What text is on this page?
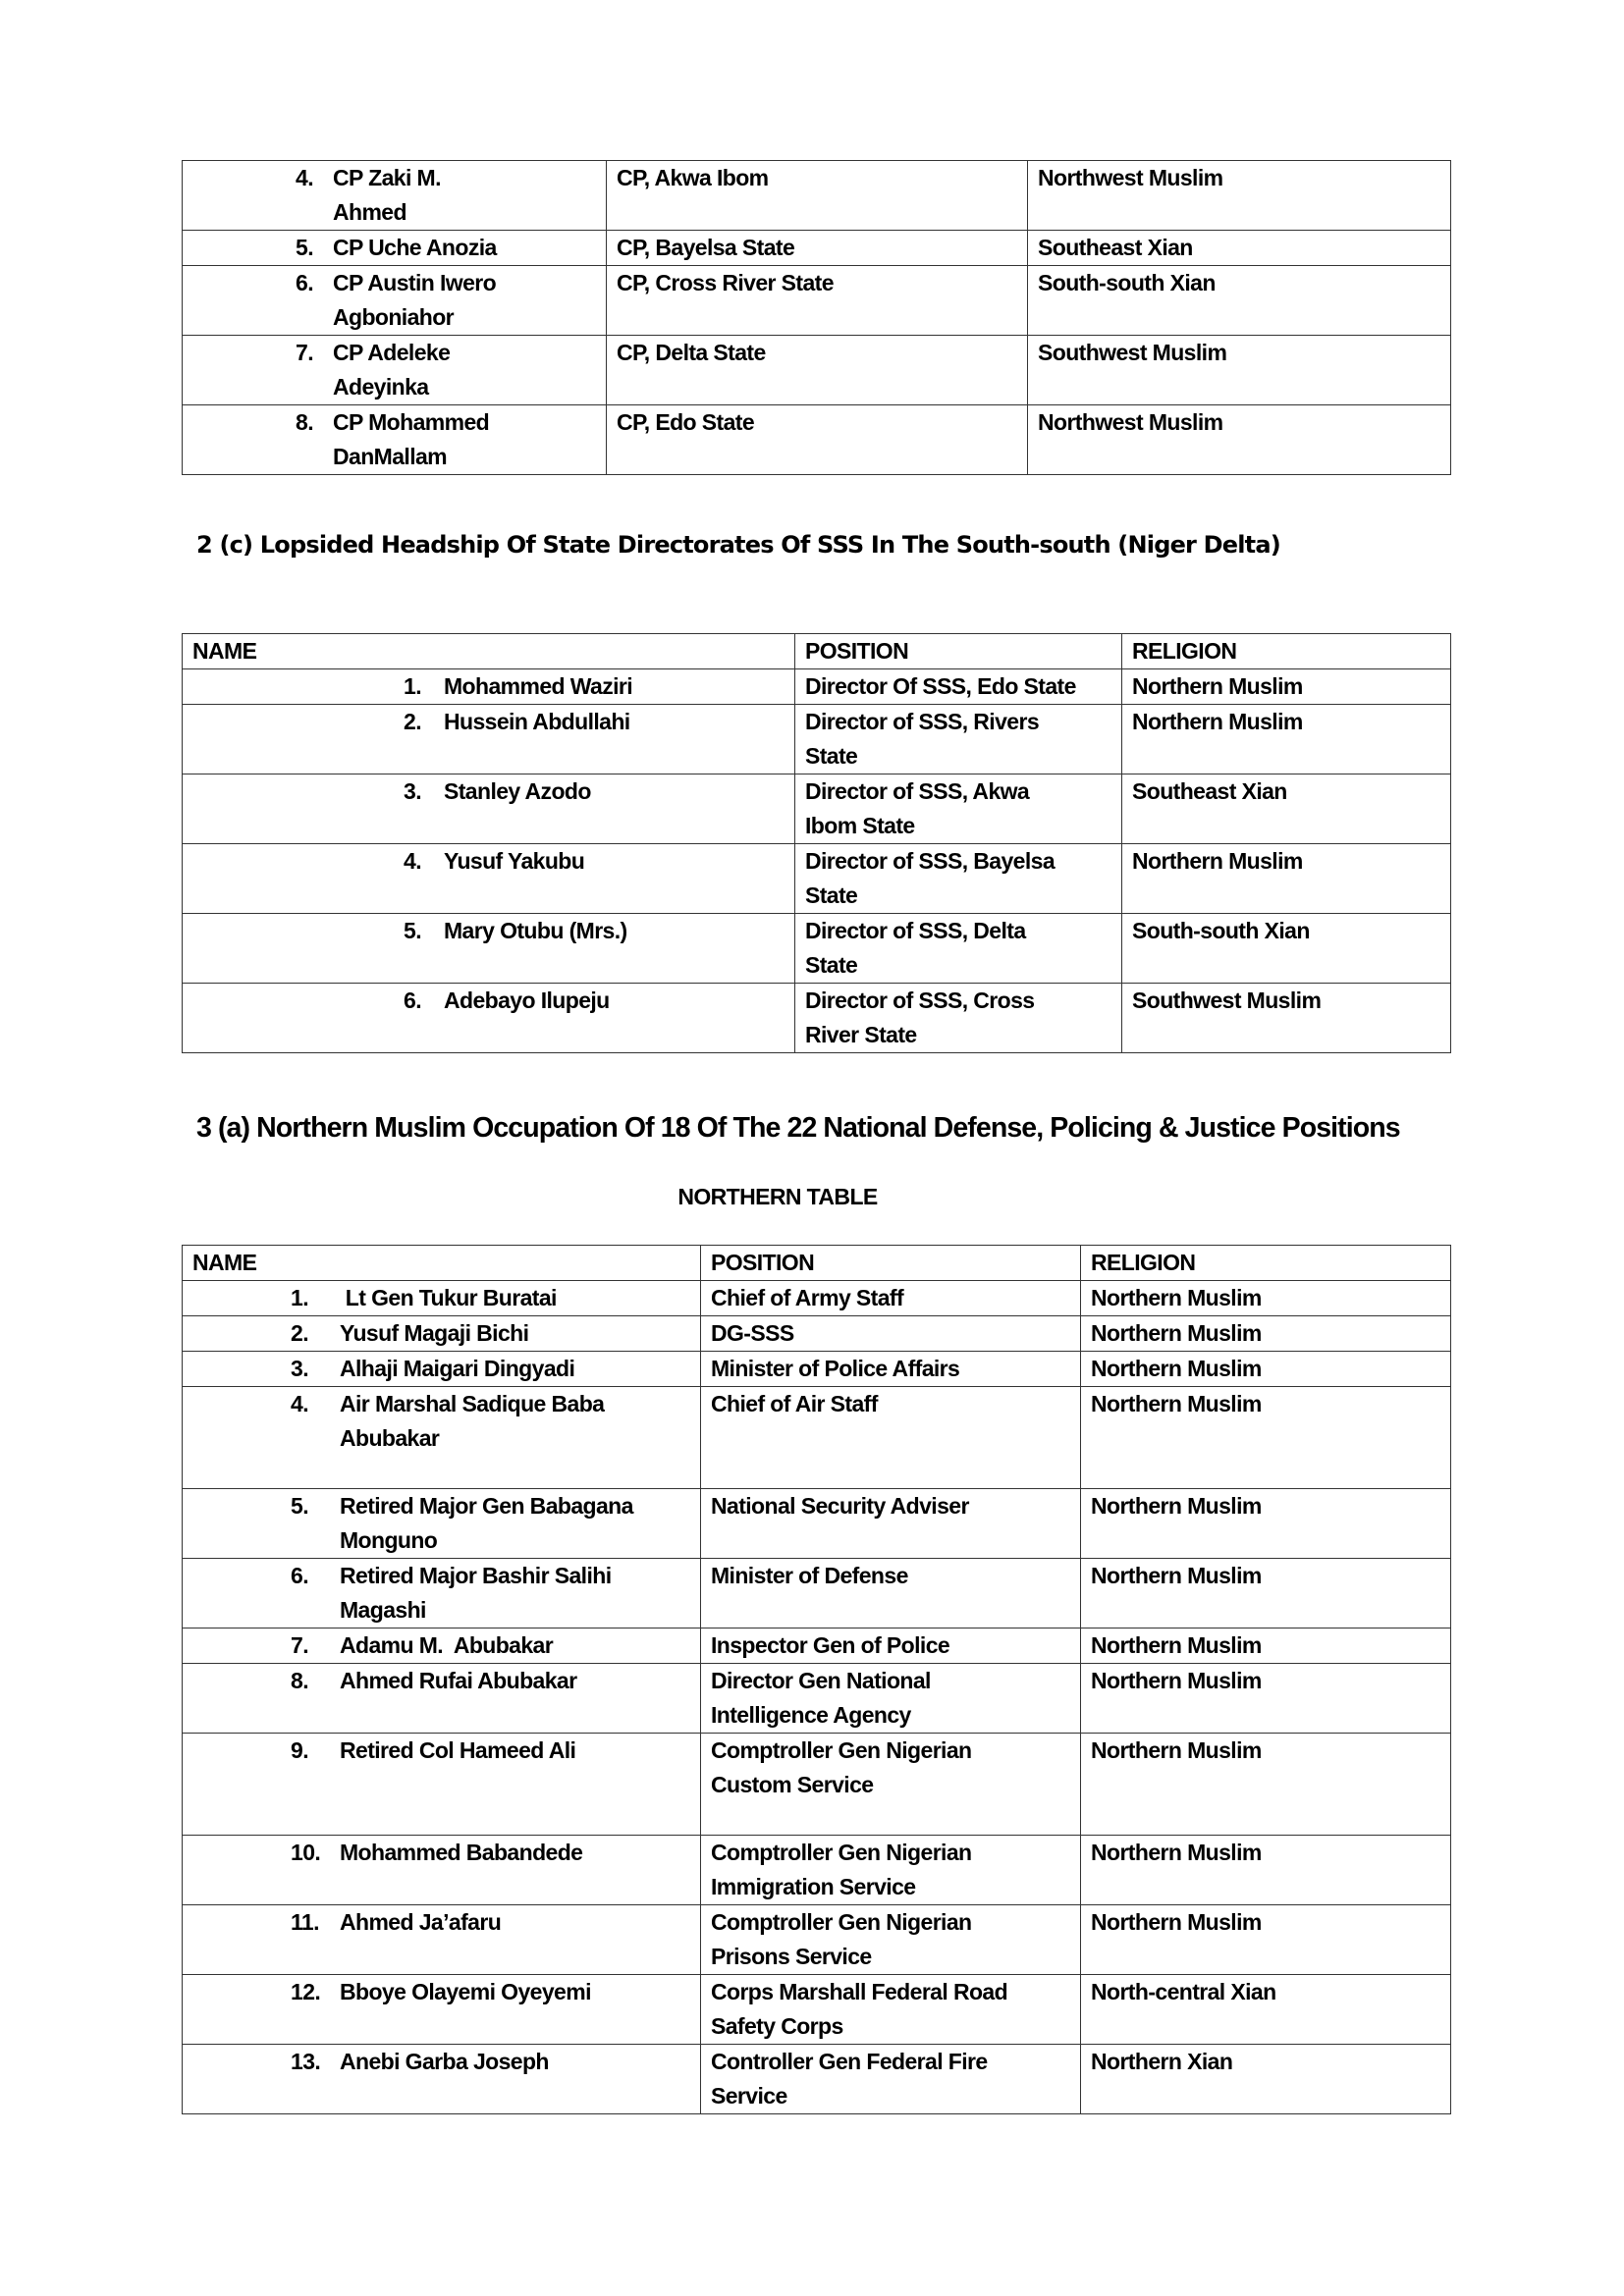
4. CP Zaki M.
Ahmed	CP, Akwa Ibom	Northwest Muslim

5. CP Uche Anozia	CP, Bayelsa State	Southeast Xian

6. CP Austin Iwero
Agboniahor	CP, Cross River State	South-south Xian

7. CP Adeleke
Adeyinka	CP, Delta State	Southwest Muslim

8. CP Mohammed
DanMallam	CP, Edo State	Northwest Muslim
2 (c) Lopsided Headship Of State Directorates Of SSS In The South-south (Niger Delta)
NAME	POSITION	RELIGION

1. Mohammed Waziri	Director Of SSS, Edo State	Northern Muslim

2. Hussein Abdullahi	Director of SSS, Rivers
State	Northern Muslim

3. Stanley Azodo	Director of SSS, Akwa
Ibom State	Southeast Xian

4. Yusuf Yakubu	Director of SSS, Bayelsa
State	Northern Muslim

5. Mary Otubu (Mrs.)	Director of SSS, Delta
State	South-south Xian

6. Adebayo Ilupeju	Director of SSS, Cross
River State	Southwest Muslim
3 (a) Northern Muslim Occupation Of 18 Of The 22 National Defense, Policing & Justice Positions
NORTHERN TABLE
NAME	POSITION	RELIGION

1. Lt Gen Tukur Buratai	Chief of Army Staff	Northern Muslim

2. Yusuf Magaji Bichi	DG-SSS	Northern Muslim

3. Alhaji Maigari Dingyadi	Minister of Police Affairs	Northern Muslim

4. Air Marshal Sadique Baba
Abubakar	Chief of Air Staff	Northern Muslim

5. Retired Major Gen Babagana
Monguno	National Security Adviser	Northern Muslim

6. Retired Major Bashir Salihi
Magashi	Minister of Defense	Northern Muslim

7. Adamu M.  Abubakar	Inspector Gen of Police	Northern Muslim

8. Ahmed Rufai Abubakar	Director Gen National
Intelligence Agency	Northern Muslim

9. Retired Col Hameed Ali	Comptroller Gen Nigerian
Custom Service	Northern Muslim

10. Mohammed Babandede	Comptroller Gen Nigerian
Immigration Service	Northern Muslim

11. Ahmed Ja’afaru	Comptroller Gen Nigerian
Prisons Service	Northern Muslim

12. Bboye Olayemi Oyeyemi	Corps Marshall Federal Road
Safety Corps	North-central Xian

13. Anebi Garba Joseph	Controller Gen Federal Fire
Service	Northern Xian
